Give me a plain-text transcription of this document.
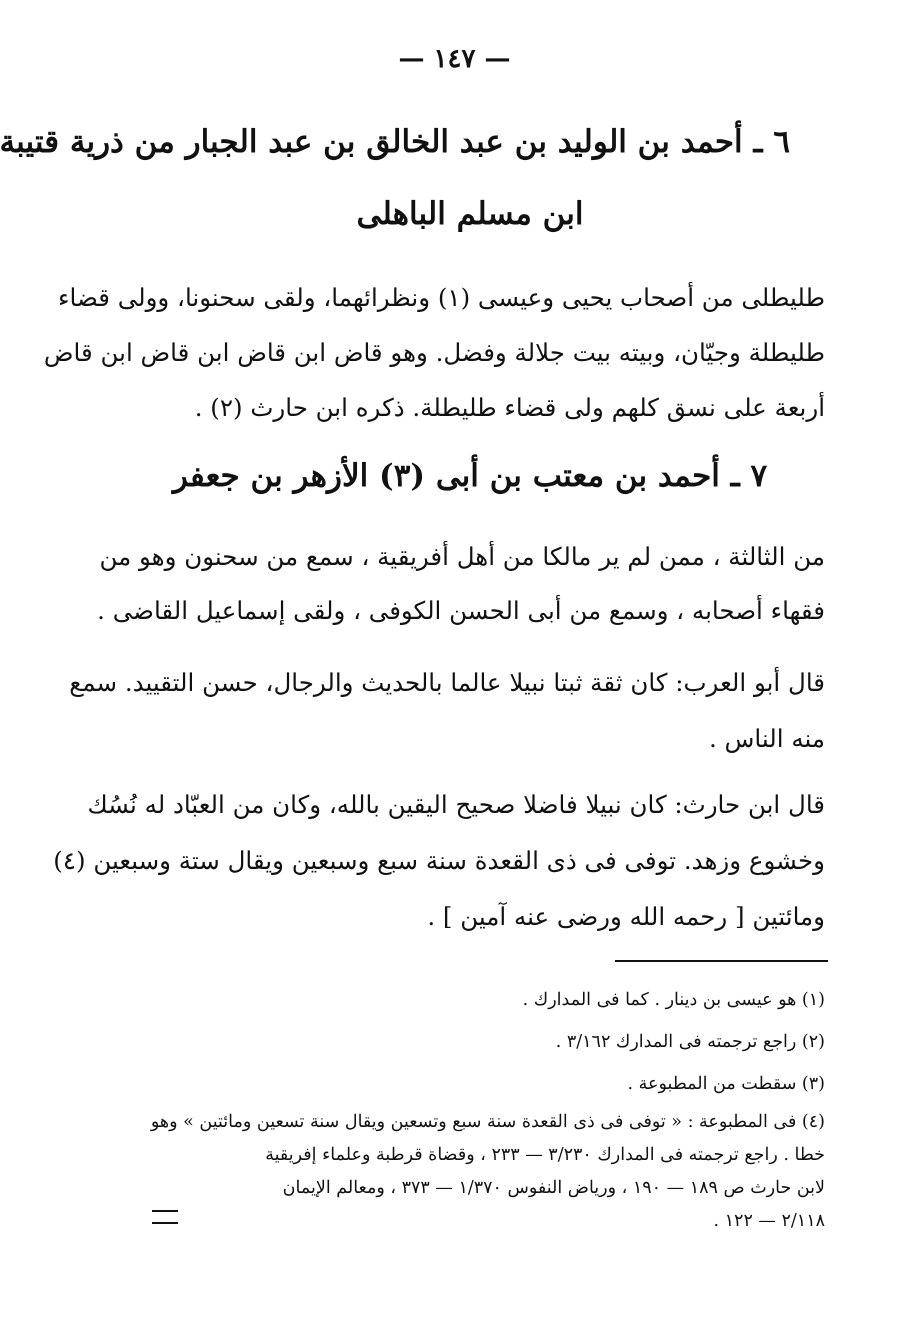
— ١٤٧ —
٦ ـ أحمد بن الوليد بن عبد الخالق بن عبد الجبار من ذرية قتيبة
ابن مسلم الباهلى
طليطلى من أصحاب يحيى وعيسى (١) ونظرائهما، ولقى سحنونا، وولى قضاء
طليطلة وجيّان، وبيته بيت جلالة وفضل. وهو قاض ابن قاض ابن قاض ابن قاض
أربعة على نسق كلهم ولى قضاء طليطلة. ذكره ابن حارث (٢) .
٧ ـ أحمد بن معتب بن أبى (٣) الأزهر بن جعفر
من الثالثة ، ممن لم ير مالكا من أهل أفريقية ، سمع من سحنون وهو من
فقهاء أصحابه ، وسمع من أبى الحسن الكوفى ، ولقى إسماعيل القاضى .
قال أبو العرب: كان ثقة ثبتا نبيلا عالما بالحديث والرجال، حسن التقييد. سمع
منه الناس .
قال ابن حارث: كان نبيلا فاضلا صحيح اليقين بالله، وكان من العبّاد له نُسُك
وخشوع وزهد. توفى فى ذى القعدة سنة سبع وسبعين ويقال ستة وسبعين (٤)
ومائتين [ رحمه الله ورضى عنه آمين ] .
(١) هو عيسى بن دينار . كما فى المدارك .
(٢) راجع ترجمته فى المدارك ٣/١٦٢ .
(٣) سقطت من المطبوعة .
(٤) فى المطبوعة : « توفى فى ذى القعدة سنة سبع وتسعين ويقال سنة تسعين ومائتين » وهو
خطا . راجع ترجمته فى المدارك ٣/٢٣٠ — ٢٣٣ ، وقضاة قرطبة وعلماء إفريقية
لابن حارث ص ١٨٩ — ١٩٠ ، ورياض النفوس ١/٣٧٠ — ٣٧٣ ، ومعالم الإيمان
٢/١١٨ — ١٢٢ .
